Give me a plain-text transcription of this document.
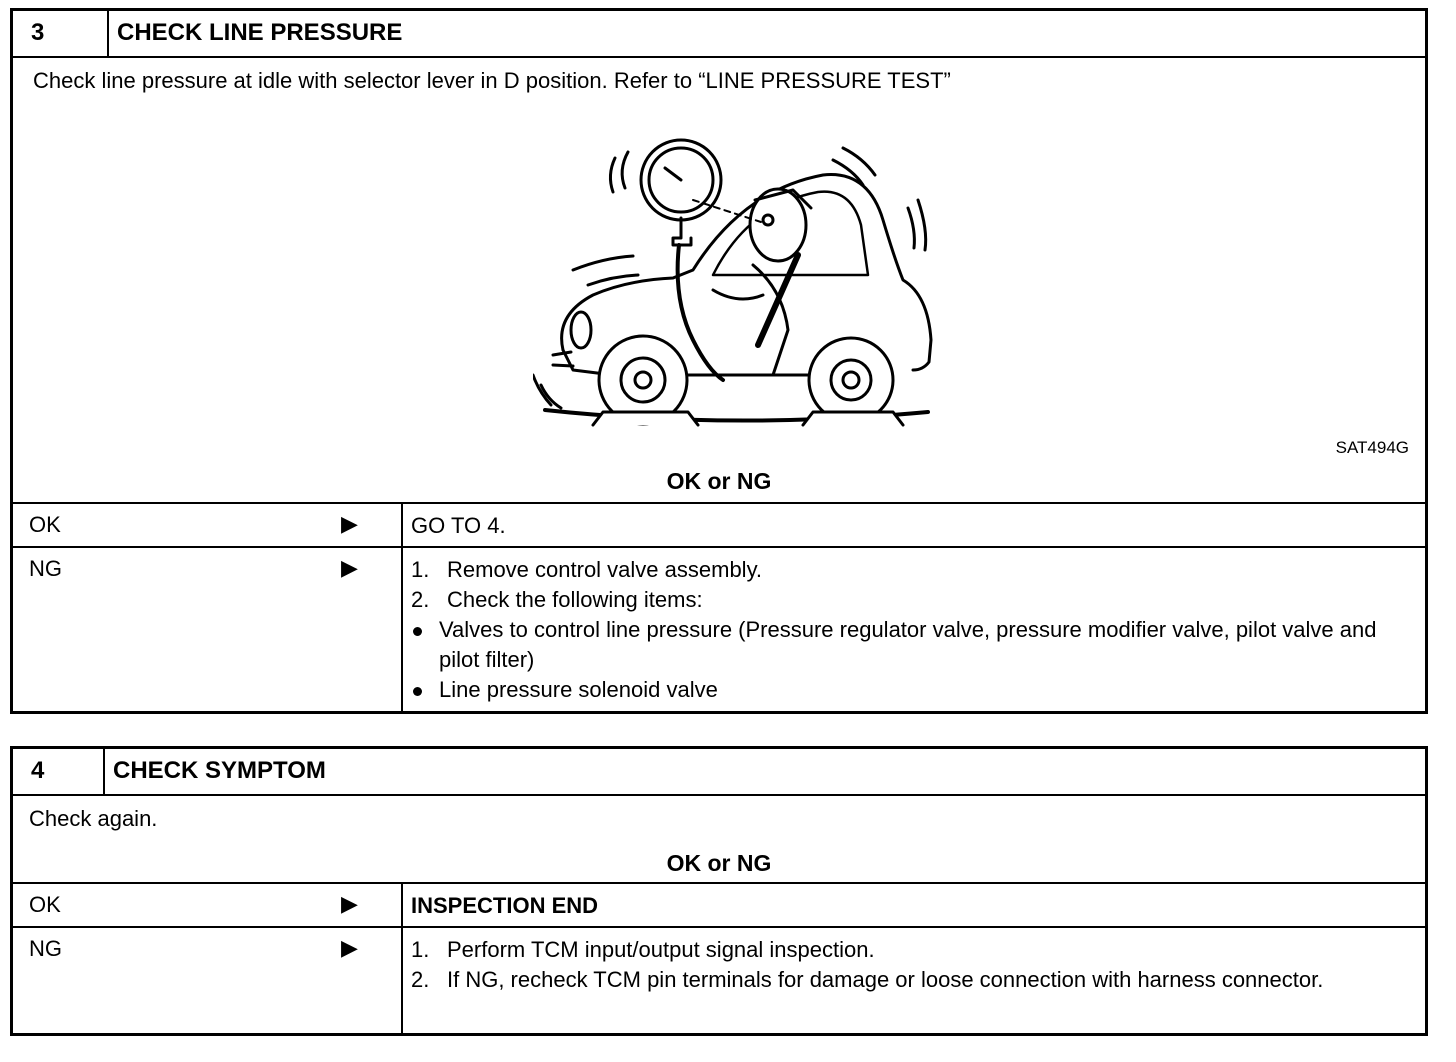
3	CHECK LINE PRESSURE
Check line pressure at idle with selector lever in D position. Refer to “LINE PRESSURE TEST”
SAT494G
OK or NG
OK	▶ GO TO 4.
NG	▶ 1. Remove control valve assembly.
2. Check the following items:
Valves to control line pressure (Pressure regulator valve, pressure modifier valve, pilot valve and pilot filter)
Line pressure solenoid valve
4	CHECK SYMPTOM
Check again.
OK or NG
OK	▶ INSPECTION END
NG	▶ 1. Perform TCM input/output signal inspection.
2. If NG, recheck TCM pin terminals for damage or loose connection with harness connector.
